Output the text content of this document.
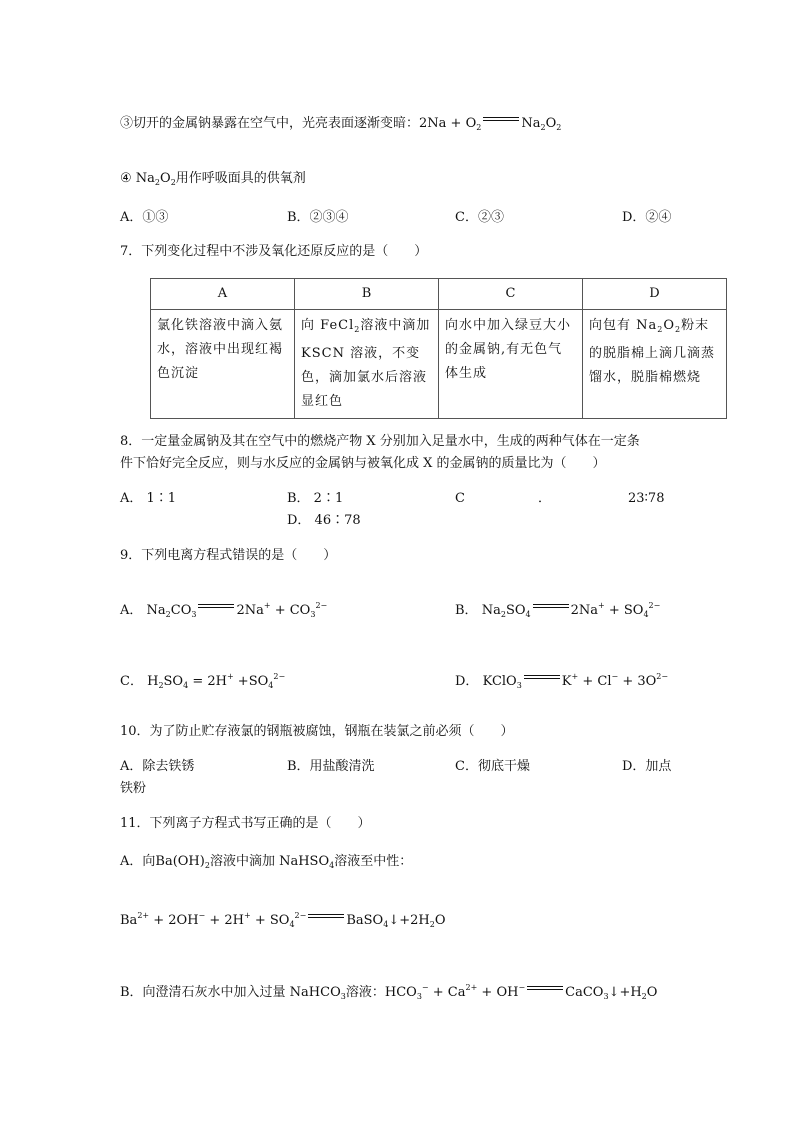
③切开的金属钠暴露在空气中，光亮表面逐渐变暗：$2Na + O_2$	$Na_2O_2$
④ $Na_2O_2$用作呼吸面具的供氧剂
A．①③	B．②③④	C．②③	D．②④
7．下列变化过程中不涉及氧化还原反应的是（　　）
A	B	C	D
氯化铁溶液中滴入氨水，溶液中出现红褐色沉淀	向 FeCl$_2$溶液中滴加 KSCN 溶液，不变色，滴加氯水后溶液显红色	向水中加入绿豆大小的金属钠,有无色气体生成	向包有 $Na_2O_2$粉末的脱脂棉上滴几滴蒸馏水，脱脂棉燃烧
8．一定量金属钠及其在空气中的燃烧产物 X 分别加入足量水中，生成的两种气体在一定条
件下恰好完全反应，则与水反应的金属钠与被氧化成 X 的金属钠的质量比为（　　）
A． 1∶1	B． 2∶1	C	．	23∶78
D． 46∶78
9．下列电离方程式错误的是（　　）
A． $Na_2CO_3$	$2Na^+ + CO_3^{2-}$	B． $Na_2SO_4$	$2Na^+ + SO_4^{2-}$
C． $H_2SO_4 = 2H^+ +SO_4^{2-}$	D． KClO$_3$	$K^+ + Cl^- + 3O^{2-}$
10．为了防止贮存液氯的钢瓶被腐蚀，钢瓶在装氯之前必须（　　）
A．除去铁锈	B．用盐酸清洗	C．彻底干燥	D．加点
铁粉
11．下列离子方程式书写正确的是（　　）
A．向$Ba(OH)_2$溶液中滴加 NaHSO$_4$溶液至中性：
$Ba^{2+} + 2OH^- + 2H^+ + SO_4^{2-}$	$BaSO_4↓+2H_2O$
B．向澄清石灰水中加入过量 NaHCO$_3$溶液：$HCO_3^- + Ca^{2+} + OH^-$	$CaCO_3↓+H_2O$
